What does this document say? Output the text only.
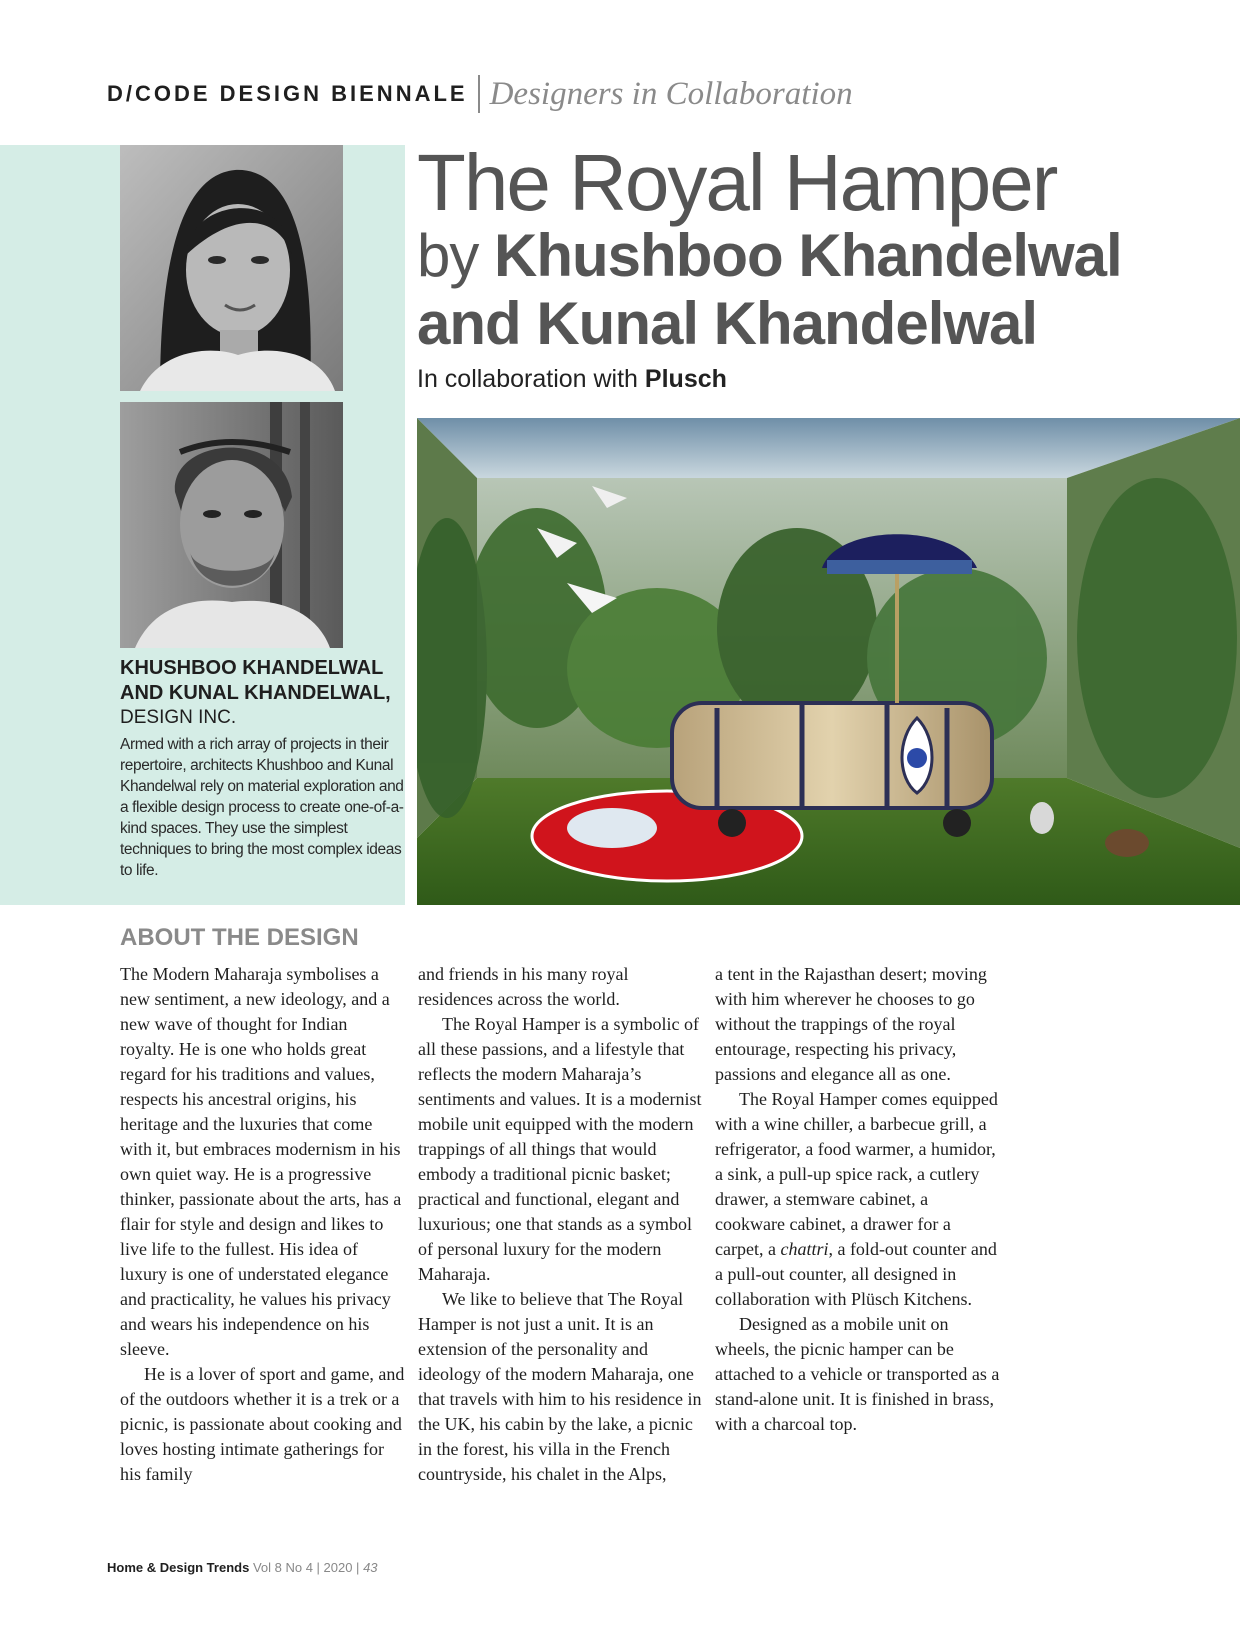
D/CODE DESIGN BIENNALE Designers in Collaboration
KHUSHBOO KHANDELWAL AND KUNAL KHANDELWAL,
DESIGN INC.
Armed with a rich array of projects in their repertoire, architects Khushboo and Kunal Khandelwal rely on material exploration and a flexible design process to create one-of-a-kind spaces. They use the simplest techniques to bring the most complex ideas to life.
The Royal Hamper
by Khushboo Khandelwal
and Kunal Khandelwal
In collaboration with Plusch
ABOUT THE DESIGN

The Modern Maharaja symbolises a new sentiment, a new ideology, and a new wave of thought for Indian royalty. He is one who holds great regard for his traditions and values, respects his ancestral origins, his heritage and the luxuries that come with it, but embraces modernism in his own quiet way. He is a progressive thinker, passionate about the arts, has a flair for style and design and likes to live life to the fullest. His idea of luxury is one of understated elegance and practicality, he values his privacy and wears his independence on his sleeve.

He is a lover of sport and game, and of the outdoors whether it is a trek or a picnic, is passionate about cooking and loves hosting intimate gatherings for his family

and friends in his many royal residences across the world.

The Royal Hamper is a symbolic of all these passions, and a lifestyle that reflects the modern Maharaja’s sentiments and values. It is a modernist mobile unit equipped with the modern trappings of all things that would embody a traditional picnic basket; practical and functional, elegant and luxurious; one that stands as a symbol of personal luxury for the modern Maharaja.

We like to believe that The Royal Hamper is not just a unit. It is an extension of the personality and ideology of the modern Maharaja, one that travels with him to his residence in the UK, his cabin by the lake, a picnic in the forest, his villa in the French countryside, his chalet in the Alps,

a tent in the Rajasthan desert; moving with him wherever he chooses to go without the trappings of the royal entourage, respecting his privacy, passions and elegance all as one.

The Royal Hamper comes equipped with a wine chiller, a barbecue grill, a refrigerator, a food warmer, a humidor, a sink, a pull-up spice rack, a cutlery drawer, a stemware cabinet, a cookware cabinet, a drawer for a carpet, a chattri, a fold-out counter and a pull-out counter, all designed in collaboration with Plüsch Kitchens.

Designed as a mobile unit on wheels, the picnic hamper can be attached to a vehicle or transported as a stand-alone unit. It is finished in brass, with a charcoal top.

Home & Design Trends Vol 8 No 4 | 2020 | 43
